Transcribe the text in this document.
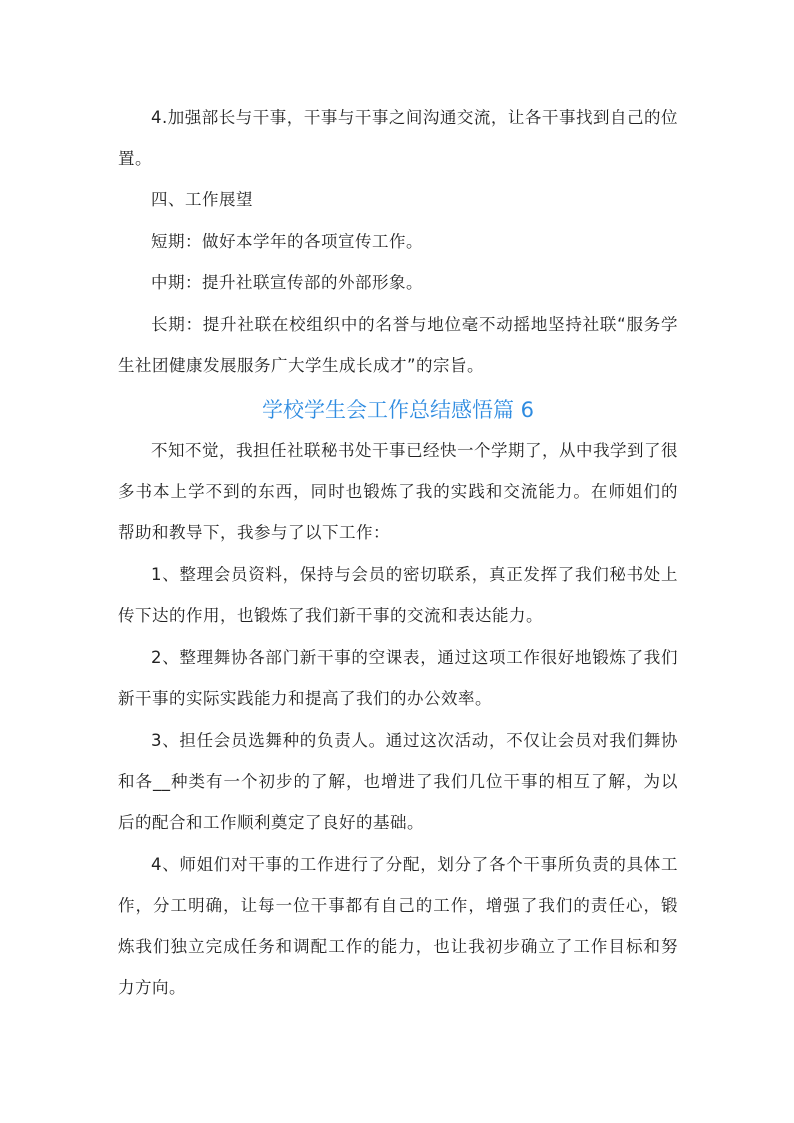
4.加强部长与干事，干事与干事之间沟通交流，让各干事找到自己的位置。

四、工作展望

短期：做好本学年的各项宣传工作。

中期：提升社联宣传部的外部形象。

长期：提升社联在校组织中的名誉与地位毫不动摇地坚持社联“服务学生社团健康发展服务广大学生成长成才”的宗旨。

学校学生会工作总结感悟篇 6

不知不觉，我担任社联秘书处干事已经快一个学期了，从中我学到了很多书本上学不到的东西，同时也锻炼了我的实践和交流能力。在师姐们的帮助和教导下，我参与了以下工作：

1、整理会员资料，保持与会员的密切联系，真正发挥了我们秘书处上传下达的作用，也锻炼了我们新干事的交流和表达能力。

2、整理舞协各部门新干事的空课表，通过这项工作很好地锻炼了我们新干事的实际实践能力和提高了我们的办公效率。

3、担任会员选舞种的负责人。通过这次活动，不仅让会员对我们舞协和各__种类有一个初步的了解，也增进了我们几位干事的相互了解，为以后的配合和工作顺利奠定了良好的基础。

4、师姐们对干事的工作进行了分配，划分了各个干事所负责的具体工作，分工明确，让每一位干事都有自己的工作，增强了我们的责任心，锻炼我们独立完成任务和调配工作的能力，也让我初步确立了工作目标和努力方向。
